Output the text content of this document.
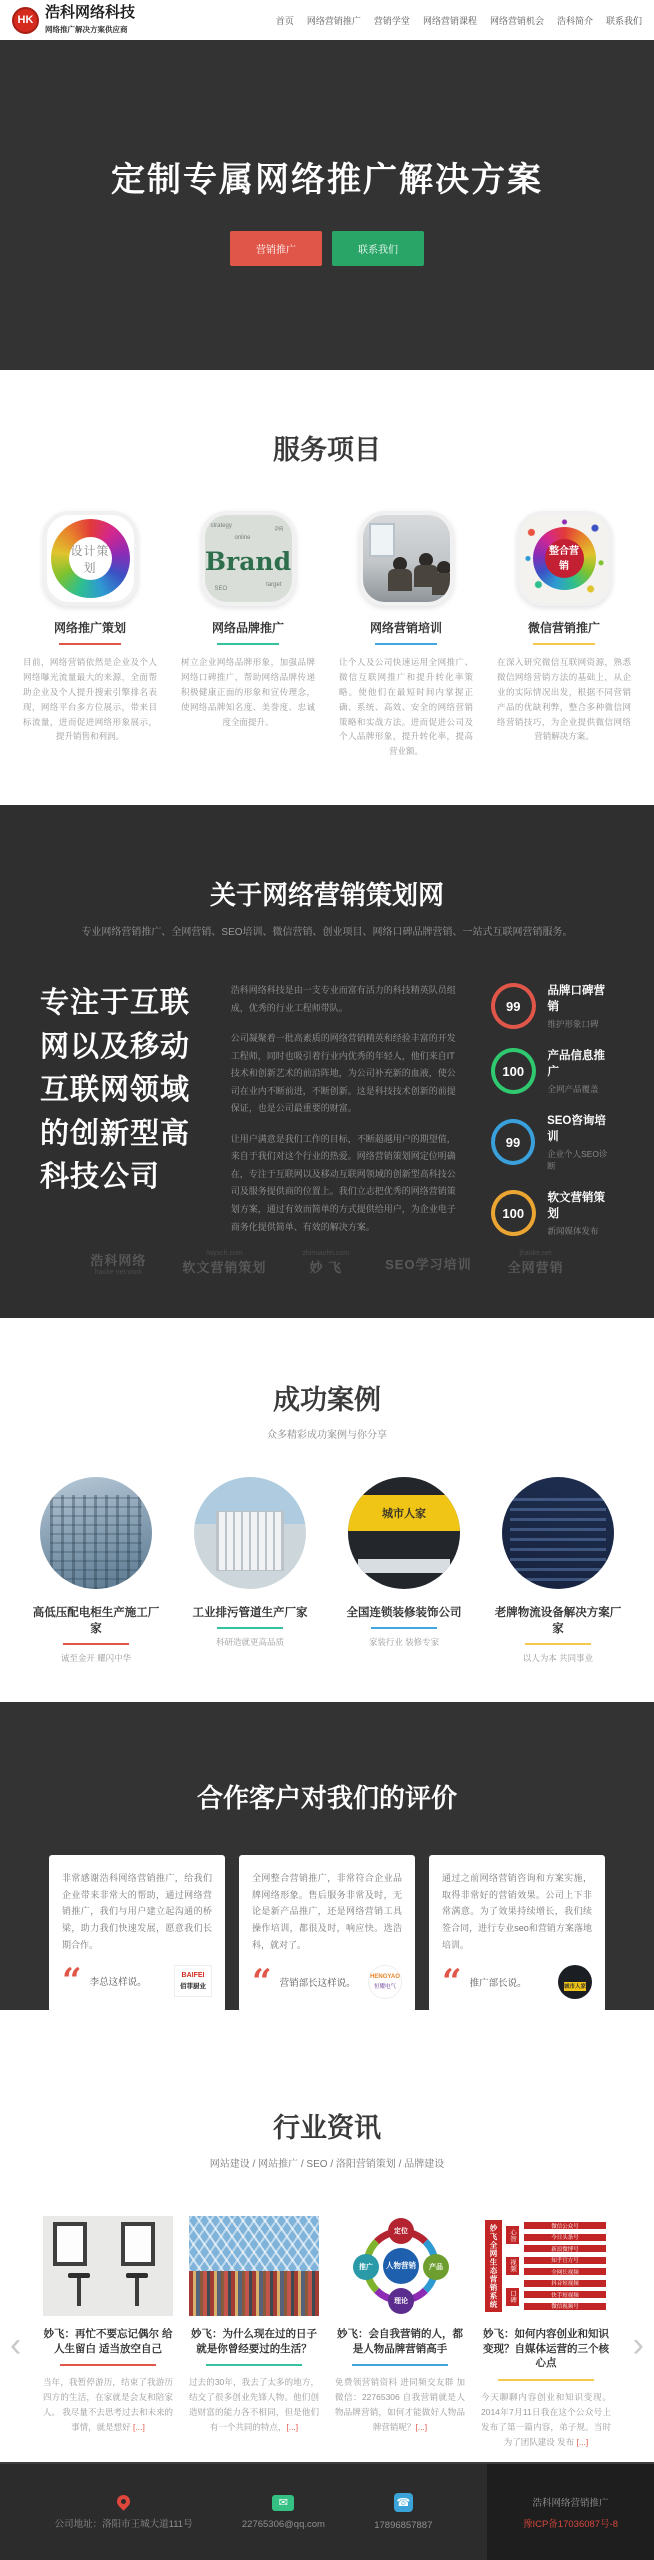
HK 浩科网络科技
网络推广解决方案供应商
首页 网络营销推广 营销学堂 网络营销课程 网络营销机会 浩科简介 联系我们
定制专属网络推广解决方案
营销推广	联系我们
服务项目
设计策划
网络推广策划
目前，网络营销依然是企业及个人网络曝光流量最大的来源，全面帮助企业及个人提升搜索引擎排名表现，网络平台多方位展示，带来目标流量，进而促进网络形象展示，提升销售和利润。
strategy
PR
online
Brand
SEO
target
网络品牌推广
树立企业网络品牌形象，加强品牌网络口碑推广，帮助网络品牌传递积极健康正面的形象和宣传理念，使网络品牌知名度、美誉度、忠诚度全面提升。
网络营销培训
让个人及公司快速运用全网推广、微信互联网推广和提升转化率策略。使他们在最短时间内掌握正确、系统、高效、安全的网络营销策略和实战方法。进而促进公司及个人品牌形象，提升转化率，提高营业额。
整合营销
微信营销推广
在深入研究微信互联网资源，熟悉微信网络营销方法的基础上，从企业的实际情况出发，根据不同营销产品的优缺利弊，整合多种微信网络营销技巧，为企业提供微信网络营销解决方案。
关于网络营销策划网
专业网络营销推广、全网营销、SEO培训、微信营销、创业项目、网络口碑品牌营销、一站式互联网营销服务。
专注于互联网以及移动互联网领域的创新型高科技公司

浩科网络科技是由一支专业而富有活力的科技精英队员组成，优秀的行业工程师带队。

公司凝聚着一批高素质的网络营销精英和经验丰富的开发工程师，同时也吸引着行业内优秀的年轻人，他们来自IT技术和创新艺术的前沿阵地，为公司补充新的血液，使公司在业内不断前进，不断创新。这是科技技术创新的前提保证，也是公司最重要的财富。

让用户满意是我们工作的目标，不断超越用户的期望值，来自于我们对这个行业的热爱。网络营销策划网定位明确在，专注于互联网以及移动互联网领域的创新型高科技公司及服务提供商的位置上。我们立志把优秀的网络营销策划方案，通过有效而简单的方式提供给用户，为企业电子商务化提供简单、有效的解决方案。

99
品牌口碑营销
维护形象口碑
100
产品信息推广
全网产品覆盖
99
SEO咨询培训
企业个人SEO诊断
100
软文营销策划
新闻媒体发布
浩科网络
haoke net work
/wyxch.com
软文营销策划
zhimiaofei.com
妙 飞	SEO学习培训
jhaoke.net
全网营销
成功案例
众多精彩成功案例与你分享
高低压配电柜生产施工厂家
诚至金开 耀闪中华
工业排污管道生产厂家
科研造就更高品质
城市人家
全国连锁装修装饰公司
家装行业 装修专家
老牌物流设备解决方案厂家
以人为本 共同事业
合作客户对我们的评价
非常感谢浩科网络营销推广，给我们企业带来非常大的帮助，通过网络营销推广，我们与用户建立起沟通的桥梁，助力我们快速发展，愿意我们长期合作。
“ 李总这样说。
BAIFEI
佰菲厨业
全网整合营销推广，非常符合企业品牌网络形象。售后服务非常及时，无论是新产品推广，还是网络营销工具操作培训，都很及时，响应快。选浩科，就对了。
“ 营销部长这样说。
HENGYAO
恒耀电气
通过之前网络营销咨询和方案实施，取得非常好的营销效果。公司上下非常满意。为了效果持续增长，我们续签合同，进行专业seo和营销方案落地培训。
“ 推广部长说。	城市人家
行业资讯
网站建设 / 网站推广 / SEO / 洛阳营销策划 / 品牌建设
‹	›
妙飞：再忙不要忘记偶尔 给人生留白 适当放空自己
当年，我暂停游历，结束了我游历四方的生活，在家就是会友和陪家人。 我尽量不去思考过去和未来的事情，就是想好 [...]
妙飞：为什么现在过的日子就是你曾经要过的生活？
过去的30年，我去了太多的地方，结交了很多创业先锋人物。他们创造财富的能力各不相同，但是他们有一个共同的特点，[...]
定位
推广	产品
理论
人物营销
妙飞：会自我营销的人，都是人物品牌营销高手
免费领营销资料 进同频交友群 加微信：22765306 自我营销就是人物品牌营销，如何才能做好人物品牌营销呢？[...]
妙飞全网生态营销系统	心智
视频
口碑
微信公众号
今日头条号
新浪微博号
知乎官方号
全网长视频
抖音短视频
快手短视频
微信视频号
妙飞：如何内容创业和知识变现？自媒体运营的三个核心点
今天聊聊内容创业和知识变现。2014年7月11日我在这个公众号上发布了第一篇内容，弟子规。当时为了团队建设 发布 [...]
公司地址：洛阳市王城大道111号
✉
22765306@qq.com
☎
17896857887
浩科网络营销推广
豫ICP备17036087号-8
